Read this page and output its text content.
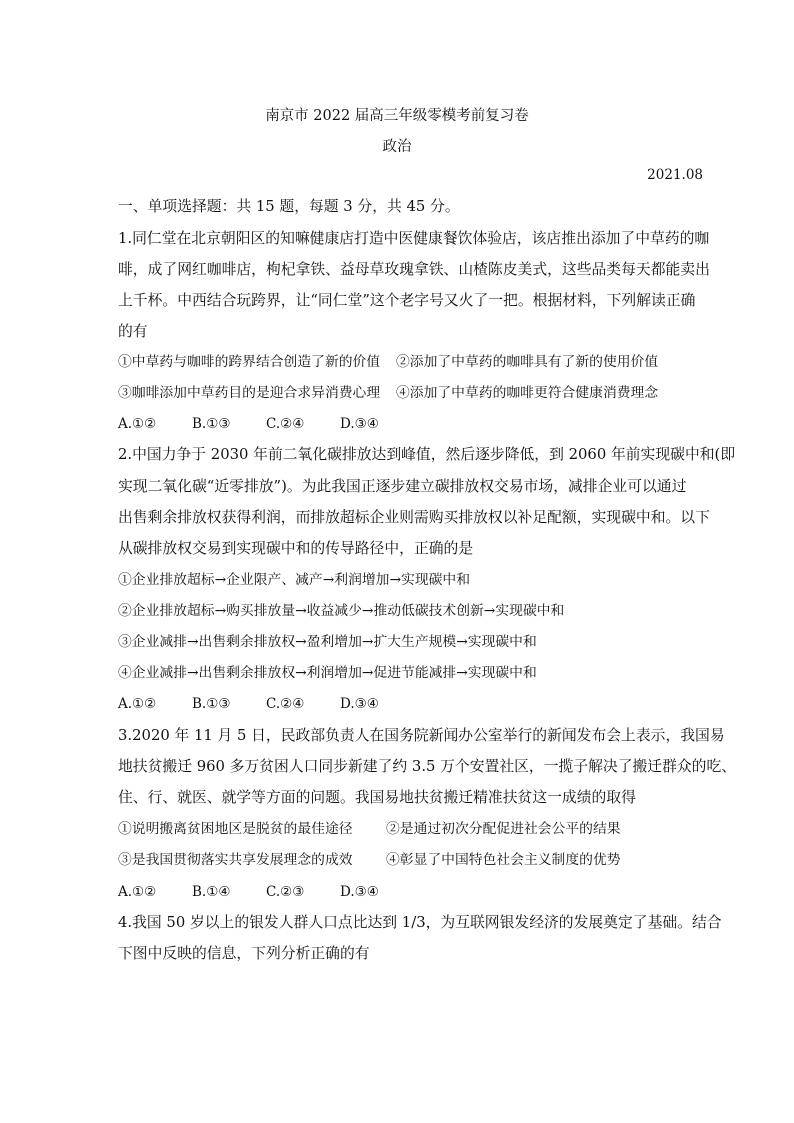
南京市 2022 届高三年级零模考前复习卷
政治
2021.08
一、单项选择题：共 15 题，每题 3 分，共 45 分。
1.同仁堂在北京朝阳区的知嘛健康店打造中医健康餐饮体验店，该店推出添加了中草药的咖
啡，成了网红咖啡店，枸杞拿铁、益母草玫瑰拿铁、山楂陈皮美式，这些品类每天都能卖出
上千杯。中西结合玩跨界，让“同仁堂”这个老字号又火了一把。根据材料，下列解读正确
的有
①中草药与咖啡的跨界结合创造了新的价值 ②添加了中草药的咖啡具有了新的使用价值
③咖啡添加中草药目的是迎合求异消费心理 ④添加了中草药的咖啡更符合健康消费理念
A.①②	B.①③	C.②④	D.③④
2.中国力争于 2030 年前二氧化碳排放达到峰值，然后逐步降低，到 2060 年前实现碳中和(即
实现二氧化碳“近零排放”)。为此我国正逐步建立碳排放权交易市场，减排企业可以通过
出售剩余排放权获得利润，而排放超标企业则需购买排放权以补足配额，实现碳中和。以下
从碳排放权交易到实现碳中和的传导路径中，正确的是
①企业排放超标→企业限产、减产→利润增加→实现碳中和
②企业排放超标→购买排放量→收益减少→推动低碳技术创新→实现碳中和
③企业减排→出售剩余排放权→盈利增加→扩大生产规模→实现碳中和
④企业减排→出售剩余排放权→利润增加→促进节能减排→实现碳中和
A.①②	B.①③	C.②④	D.③④
3.2020 年 11 月 5 日，民政部负责人在国务院新闻办公室举行的新闻发布会上表示，我国易
地扶贫搬迁 960 多万贫困人口同步新建了约 3.5 万个安置社区，一揽子解决了搬迁群众的吃、
住、行、就医、就学等方面的问题。我国易地扶贫搬迁精准扶贫这一成绩的取得
①说明搬离贫困地区是脱贫的最佳途径 ②是通过初次分配促进社会公平的结果
③是我国贯彻落实共享发展理念的成效 ④彰显了中国特色社会主义制度的优势
A.①②	B.①④	C.②③	D.③④
4.我国 50 岁以上的银发人群人口点比达到 1/3，为互联网银发经济的发展奠定了基础。结合
下图中反映的信息，下列分析正确的有
